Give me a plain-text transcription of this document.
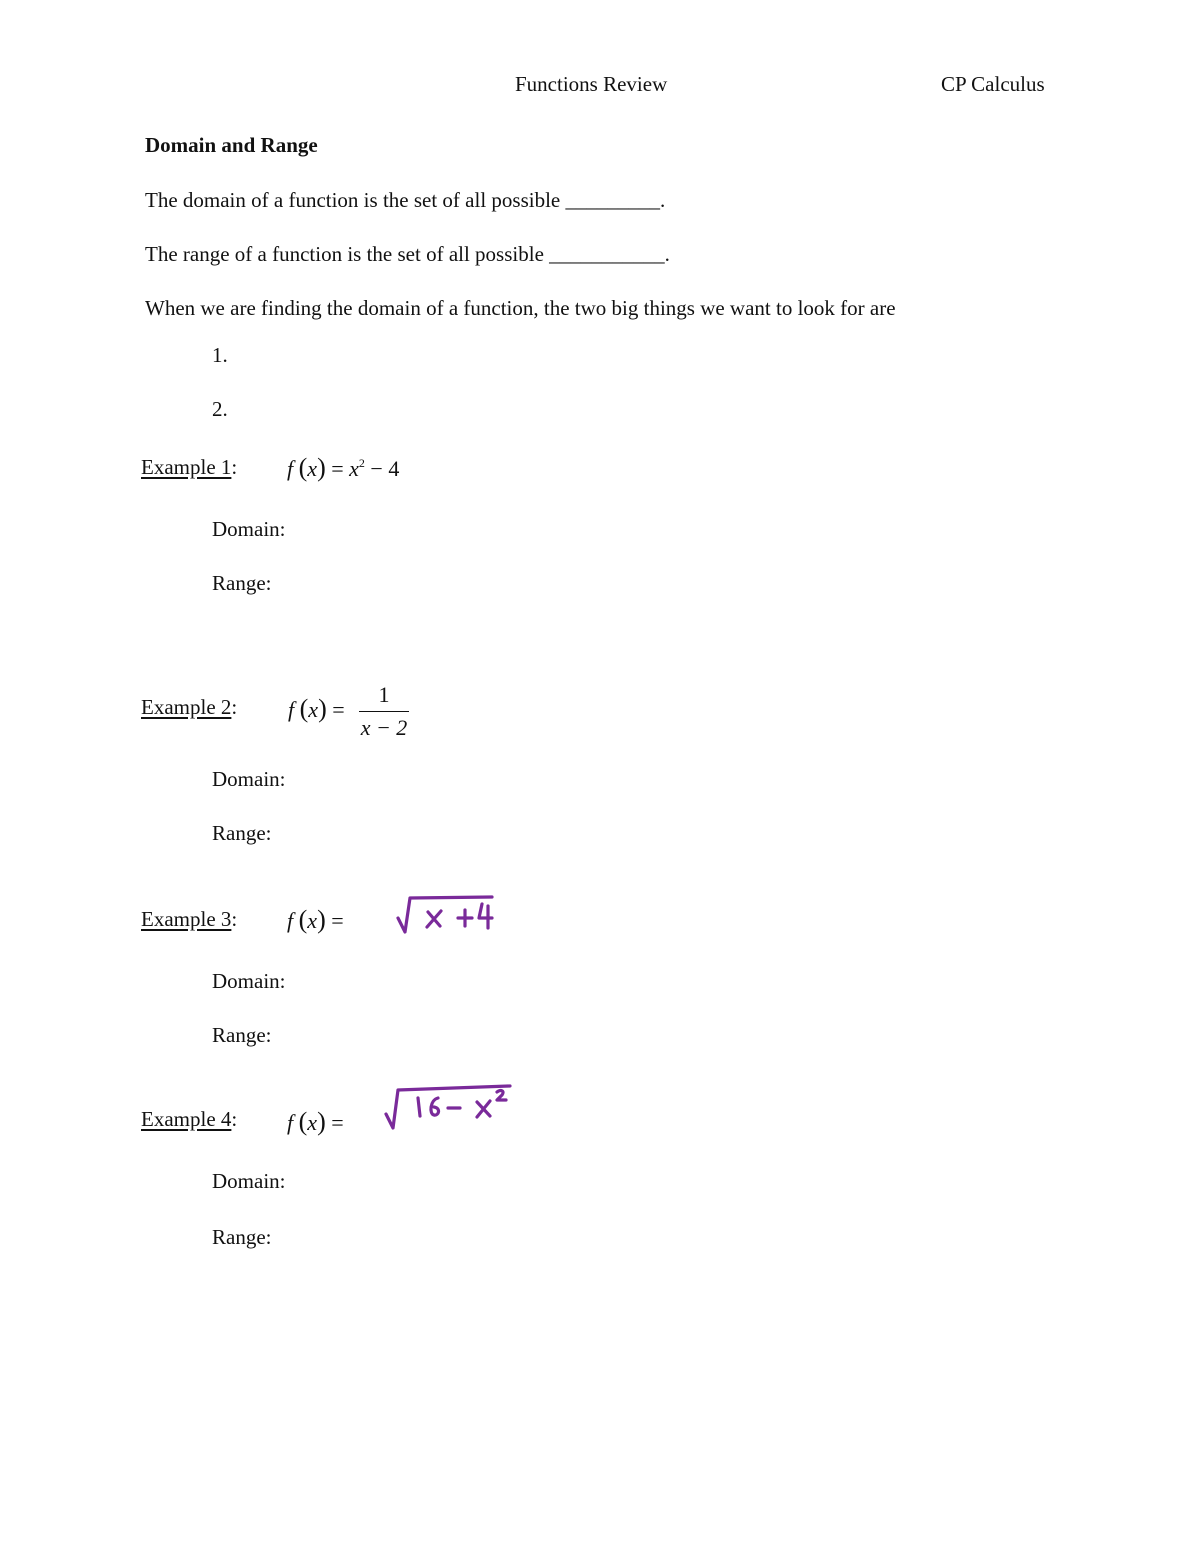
Functions Review	CP Calculus
Domain and Range
The domain of a function is the set of all possible _________.
The range of a function is the set of all possible ___________.
When we are finding the domain of a function, the two big things we want to look for are
1.
2.
Example 1: f $(x) = x^2 - 4$
Domain:
Range:
Example 2: f (x) =
1
x − 2
Domain:
Range:
Example 3: f (x) =
Domain:
Range:
Example 4: f (x) =
Domain:
Range:
